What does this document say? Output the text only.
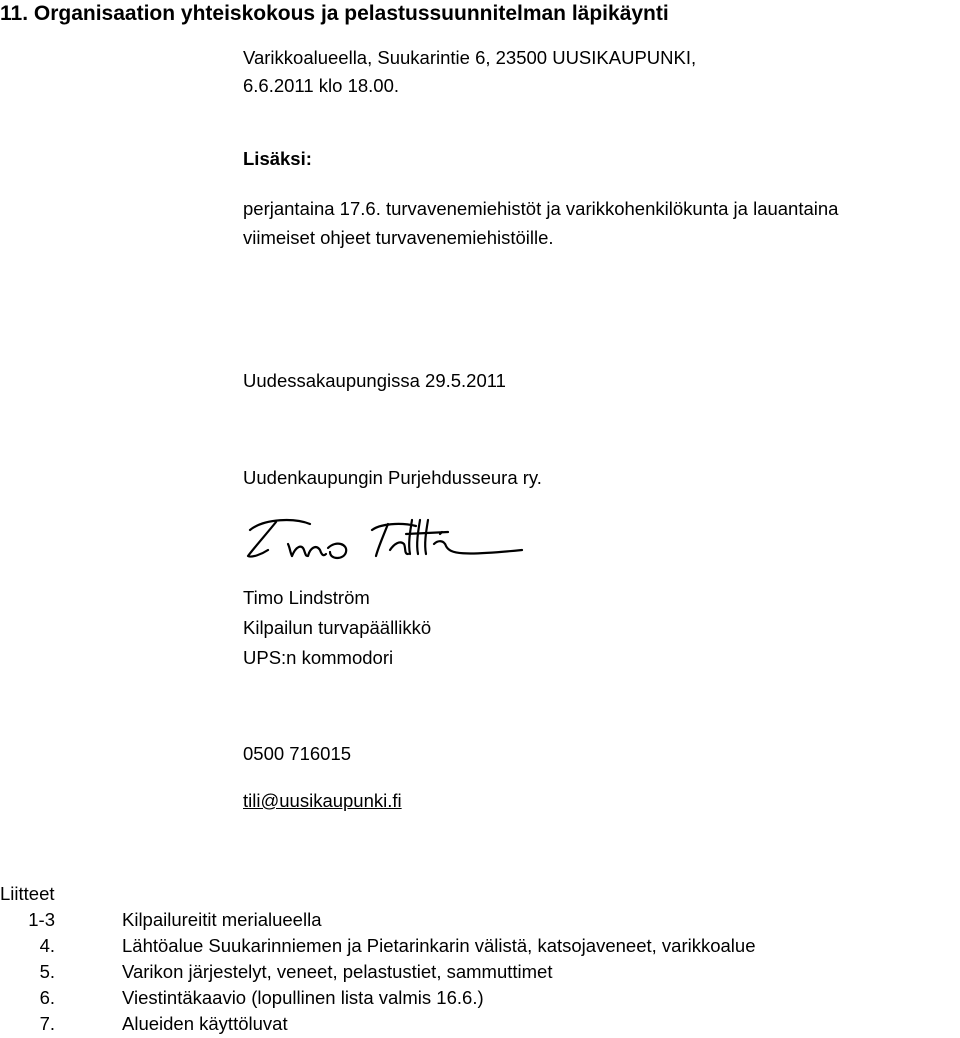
11. Organisaation yhteiskokous ja pelastussuunnitelman läpikäynti
Varikkoalueella, Suukarintie 6, 23500 UUSIKAUPUNKI,
6.6.2011 klo 18.00.
Lisäksi:
perjantaina 17.6. turvavenemiehistöt ja varikkohenkilökunta ja lauantaina
viimeiset ohjeet turvavenemiehistöille.
Uudessakaupungissa 29.5.2011
Uudenkaupungin Purjehdusseura ry.
Timo Lindström
Kilpailun turvapäällikkö
UPS:n kommodori
0500 716015
tili@uusikaupunki.fi
Liitteet
1-3	Kilpailureitit merialueella
4.	Lähtöalue Suukarinniemen ja Pietarinkarin välistä, katsojaveneet, varikkoalue
5.	Varikon järjestelyt, veneet, pelastustiet, sammuttimet
6.	Viestintäkaavio (lopullinen lista valmis 16.6.)
7.	Alueiden käyttöluvat
